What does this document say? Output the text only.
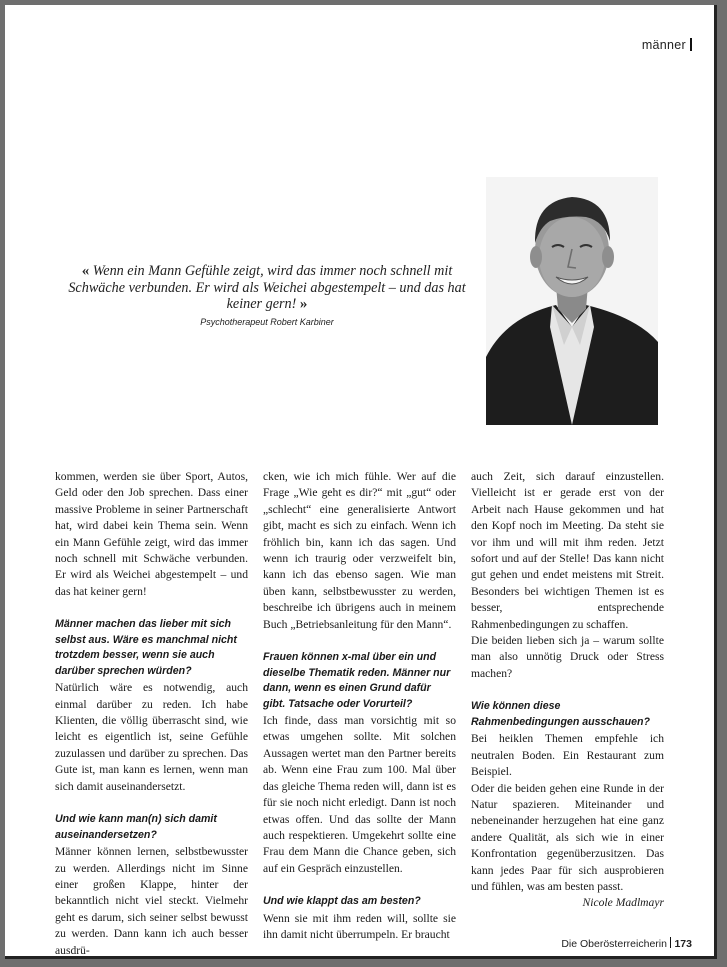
männer
« Wenn ein Mann Gefühle zeigt, wird das immer noch schnell mit Schwäche verbunden. Er wird als Weichei abgestempelt – und das hat keiner gern! »
Psychotherapeut Robert Karbiner

kommen, werden sie über Sport, Autos, Geld oder den Job sprechen. Dass einer massive Probleme in seiner Partnerschaft hat, wird dabei kein Thema sein. Wenn ein Mann Gefühle zeigt, wird das immer noch schnell mit Schwäche verbunden. Er wird als Weichei abgestempelt – und das hat keiner gern!

Männer machen das lieber mit sich selbst aus. Wäre es manchmal nicht trotzdem besser, wenn sie auch darüber sprechen würden?

Natürlich wäre es notwendig, auch einmal darüber zu reden. Ich habe Klienten, die völlig überrascht sind, wie leicht es eigentlich ist, seine Gefühle zuzulassen und darüber zu sprechen. Das Gute ist, man kann es lernen, wenn man sich damit auseinandersetzt.

Und wie kann man(n) sich damit auseinandersetzen?

Männer können lernen, selbstbewusster zu werden. Allerdings nicht im Sinne einer großen Klappe, hinter der bekanntlich nicht viel steckt. Vielmehr geht es darum, sich seiner selbst bewusst zu werden. Dann kann ich auch besser ausdrü-

cken, wie ich mich fühle. Wer auf die Frage „Wie geht es dir?“ mit „gut“ oder „schlecht“ eine generalisierte Antwort gibt, macht es sich zu einfach. Wenn ich fröhlich bin, kann ich das sagen. Und wenn ich traurig oder verzweifelt bin, kann ich das ebenso sagen. Wie man üben kann, selbstbewusster zu werden, beschreibe ich übrigens auch in meinem Buch „Betriebsanleitung für den Mann“.

Frauen können x-mal über ein und dieselbe Thematik reden. Männer nur dann, wenn es einen Grund dafür gibt. Tatsache oder Vorurteil?

Ich finde, dass man vorsichtig mit so etwas umgehen sollte. Mit solchen Aussagen wertet man den Partner bereits ab. Wenn eine Frau zum 100. Mal über das gleiche Thema reden will, dann ist es für sie noch nicht erledigt. Dann ist noch etwas offen. Und das sollte der Mann auch respektieren. Umgekehrt sollte eine Frau dem Mann die Chance geben, sich auf ein Gespräch einzustellen.

Und wie klappt das am besten?

Wenn sie mit ihm reden will, sollte sie ihn damit nicht überrumpeln. Er braucht

auch Zeit, sich darauf einzustellen. Vielleicht ist er gerade erst von der Arbeit nach Hause gekommen und hat den Kopf noch im Meeting. Da steht sie vor ihm und will mit ihm reden. Jetzt sofort und auf der Stelle! Das kann nicht gut gehen und endet meistens mit Streit. Besonders bei wichtigen Themen ist es besser, entsprechende Rahmenbedingungen zu schaffen.

Die beiden lieben sich ja – warum sollte man also unnötig Druck oder Stress machen?

Wie können diese Rahmenbedingungen ausschauen?

Bei heiklen Themen empfehle ich neutralen Boden. Ein Restaurant zum Beispiel.

Oder die beiden gehen eine Runde in der Natur spazieren. Miteinander und nebeneinander herzugehen hat eine ganz andere Qualität, als sich wie in einer Konfrontation gegenüberzusitzen. Das kann jedes Paar für sich ausprobieren und fühlen, was am besten passt.

Nicole Madlmayr

Die Oberösterreicherin 173
